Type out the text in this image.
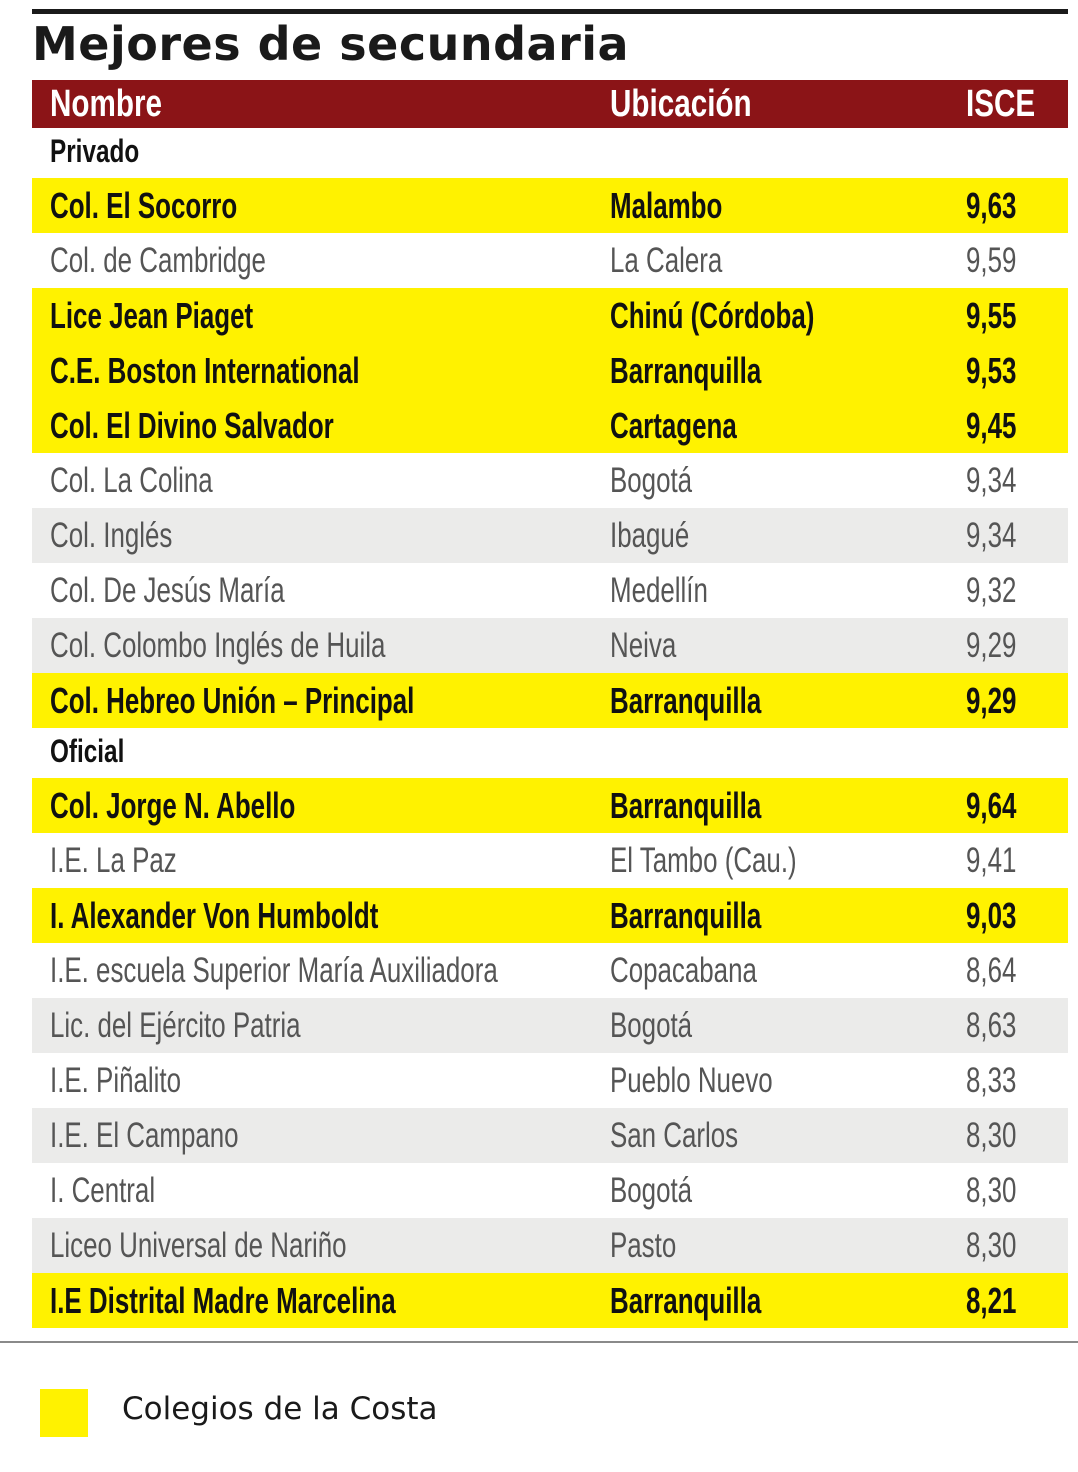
Mejores de secundaria
Nombre	Ubicación	ISCE
Privado
Col. El Socorro	Malambo	9,63
Col. de Cambridge	La Calera	9,59
Lice Jean Piaget	Chinú (Córdoba)	9,55
C.E. Boston International	Barranquilla	9,53
Col. El Divino Salvador	Cartagena	9,45
Col. La Colina	Bogotá	9,34
Col. Inglés	Ibagué	9,34
Col. De Jesús María	Medellín	9,32
Col. Colombo Inglés de Huila	Neiva	9,29
Col. Hebreo Unión – Principal	Barranquilla	9,29
Oficial
Col. Jorge N. Abello	Barranquilla	9,64
I.E. La Paz	El Tambo (Cau.)	9,41
I. Alexander Von Humboldt	Barranquilla	9,03
I.E. escuela Superior María Auxiliadora	Copacabana	8,64
Lic. del Ejército Patria	Bogotá	8,63
I.E. Piñalito	Pueblo Nuevo	8,33
I.E. El Campano	San Carlos	8,30
I. Central	Bogotá	8,30
Liceo Universal de Nariño	Pasto	8,30
I.E Distrital Madre Marcelina	Barranquilla	8,21
Colegios de la Costa
